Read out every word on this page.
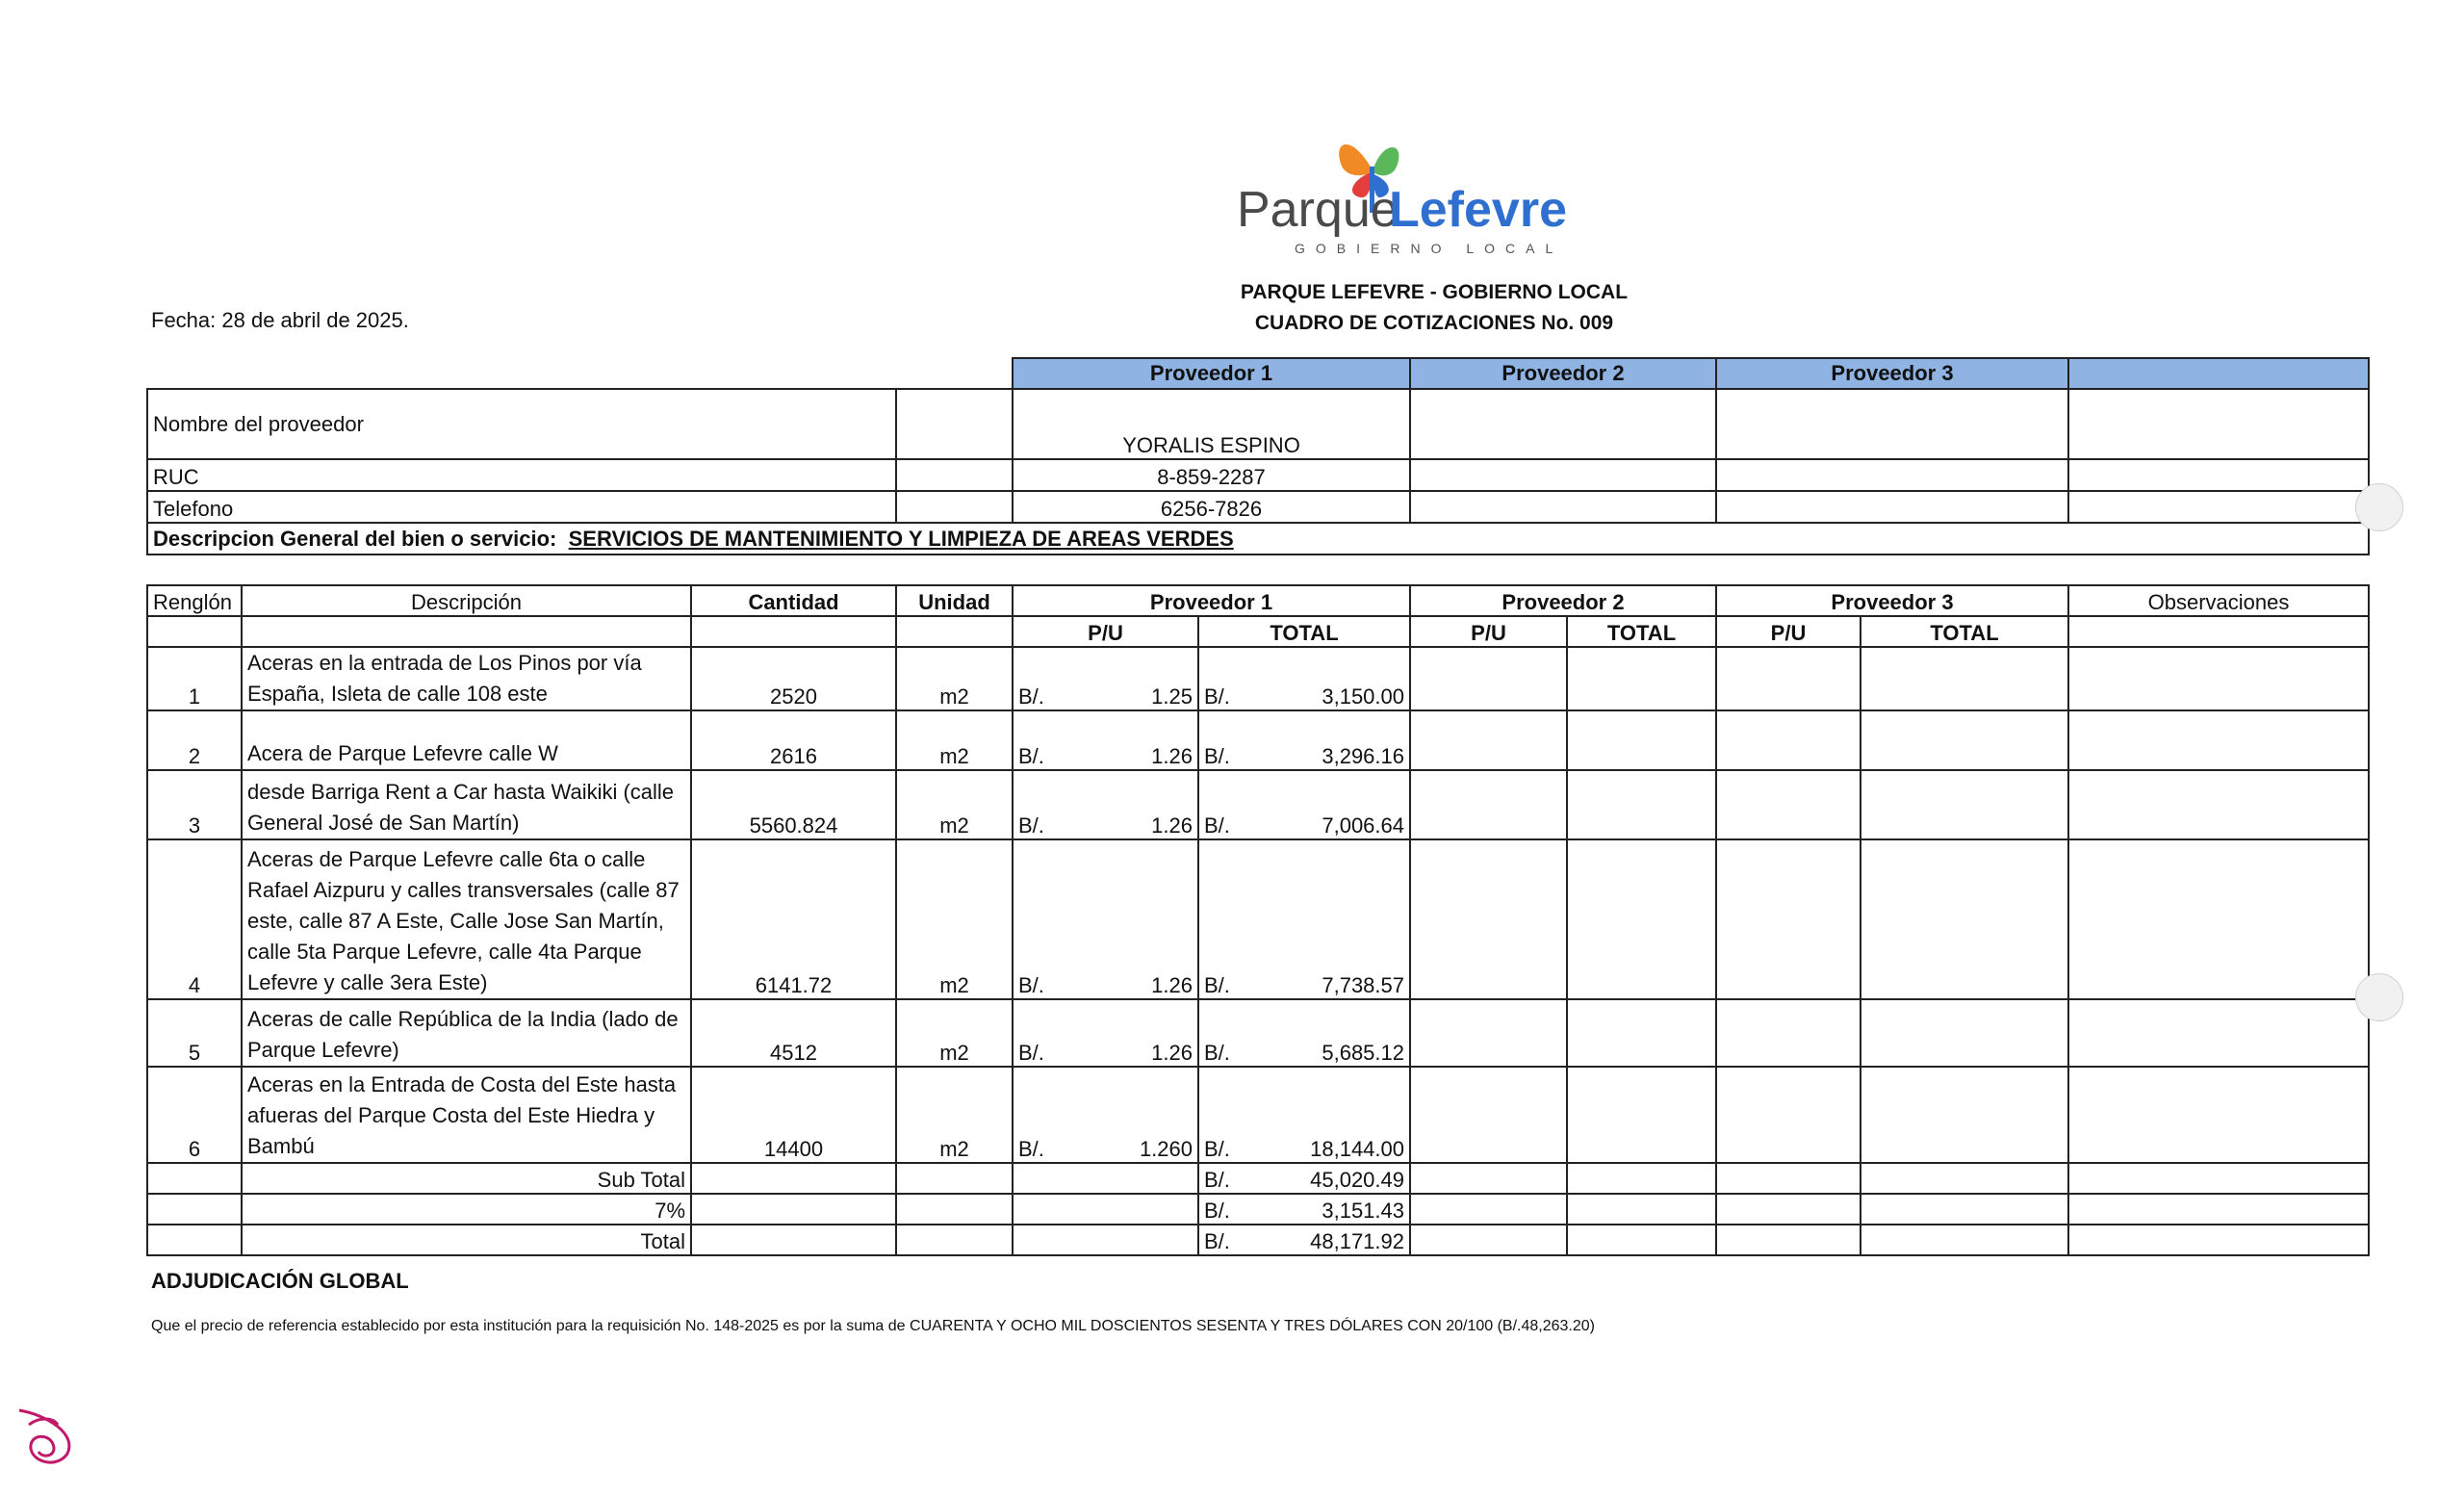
Parque
Lefevre
GOBIERNO LOCAL
PARQUE LEFEVRE - GOBIERNO LOCAL
CUADRO DE COTIZACIONES No. 009
Fecha: 28 de abril de 2025.
				Proveedor 1		Proveedor 2		Proveedor 3		
Nombre del proveedor				YORALIS ESPINO						
RUC				8-859-2287						
Telefono				6256-7826						
Descripcion General del bien o servicio: SERVICIOS DE MANTENIMIENTO Y LIMPIEZA DE AREAS VERDES										

Renglón	Descripción	Cantidad	Unidad	Proveedor 1		Proveedor 2		Proveedor 3		Observaciones
				P/U	TOTAL	P/U	TOTAL	P/U	TOTAL	
1	Aceras en la entrada de Los Pinos por vía España, Isleta de calle 108 este	2520	m2	B/. 1.25	B/. 3,150.00					

2	Acera de Parque Lefevre calle W	2616	m2	B/. 1.26	B/. 3,296.16					

3	desde Barriga Rent a Car hasta Waikiki (calle General José de San Martín)	5560.824	m2	B/. 1.26	B/. 7,006.64					

4	Aceras de Parque Lefevre calle 6ta o calle Rafael Aizpuru y calles transversales (calle 87 este, calle 87 A Este, Calle Jose San Martín, calle 5ta Parque Lefevre, calle 4ta Parque Lefevre y calle 3era Este)	6141.72	m2	B/. 1.26	B/. 7,738.57					

5	Aceras de calle República de la India (lado de Parque Lefevre)	4512	m2	B/. 1.26	B/. 5,685.12					

6	Aceras en la Entrada de Costa del Este hasta afueras del Parque Costa del Este Hiedra y Bambú	14400	m2	B/. 1.260	B/. 18,144.00					

	Sub Total				B/. 45,020.49					

	7%				B/. 3,151.43					

	Total				B/. 48,171.92					

ADJUDICACIÓN GLOBAL
Que el precio de referencia establecido por esta institución para la requisición No. 148-2025 es por la suma de CUARENTA Y OCHO MIL DOSCIENTOS SESENTA Y TRES DÓLARES CON 20/100 (B/.48,263.20)
